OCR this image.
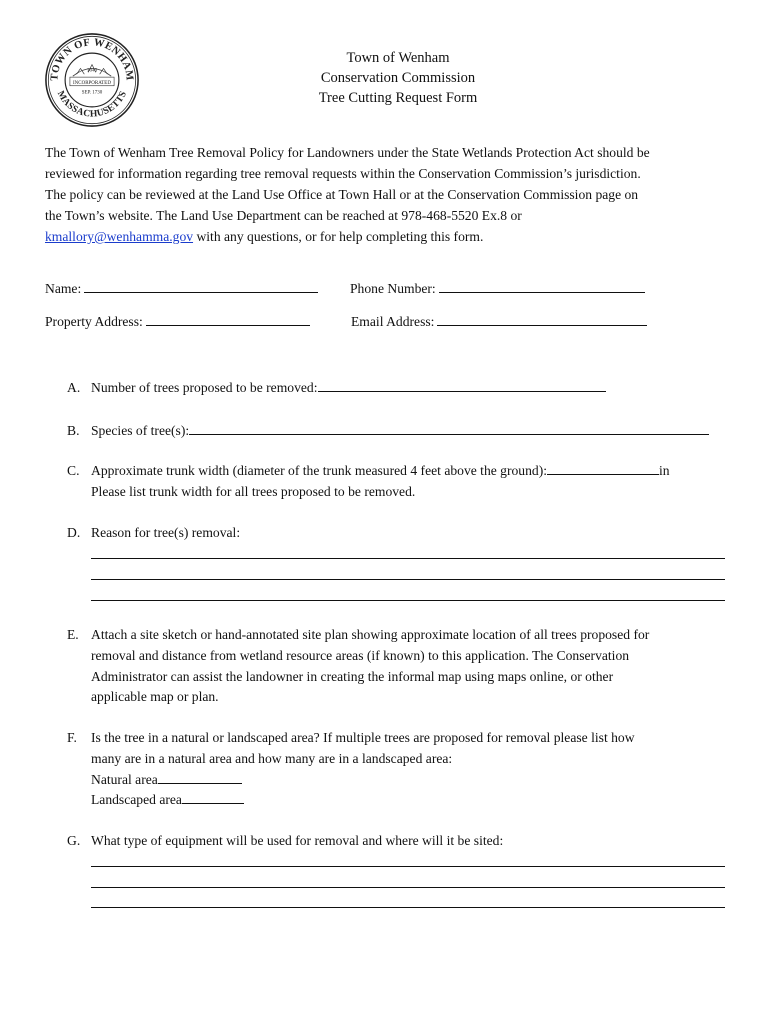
TOWN OF WENHAM
MASSACHUSETTS
1643
INCORPORATED
SEP. 1730
Town of Wenham
Conservation Commission
Tree Cutting Request Form

The Town of Wenham Tree Removal Policy for Landowners under the State Wetlands Protection Act should be

reviewed for information regarding tree removal requests within the Conservation Commission’s jurisdiction.

The policy can be reviewed at the Land Use Office at Town Hall or at the Conservation Commission page on

the Town’s website. The Land Use Department can be reached at 978-468-5520 Ex.8 or

kmallory@wenhamma.gov with any questions, or for help completing this form.

Name:	Phone Number:
Property Address:	Email Address:
A. Number of trees proposed to be removed:
B. Species of tree(s):
C. Approximate trunk width (diameter of the trunk measured 4 feet above the ground):	in
Please list trunk width for all trees proposed to be removed.
D. Reason for tree(s) removal:
E. Attach a site sketch or hand-annotated site plan showing approximate location of all trees proposed for
removal and distance from wetland resource areas (if known) to this application. The Conservation
Administrator can assist the landowner in creating the informal map using maps online, or other
applicable map or plan.
F.	Is the tree in a natural or landscaped area? If multiple trees are proposed for removal please list how
many are in a natural area and how many are in a landscaped area:
Natural area
Landscaped area
G. What type of equipment will be used for removal and where will it be sited:
